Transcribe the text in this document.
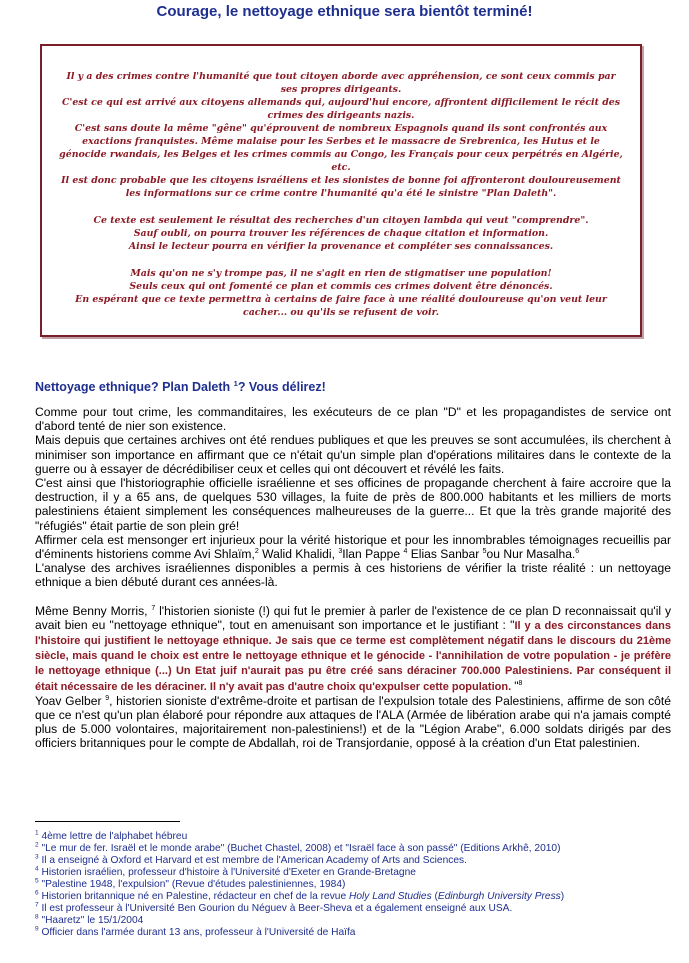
Courage, le nettoyage ethnique sera bientôt terminé!

Il y a des crimes contre l'humanité que tout citoyen aborde avec appréhension, ce sont ceux commis par ses propres dirigeants.
C'est ce qui est arrivé aux citoyens allemands qui, aujourd'hui encore, affrontent difficilement le récit des crimes des dirigeants nazis.
C'est sans doute la même "gêne" qu'éprouvent de nombreux Espagnols quand ils sont confrontés aux exactions franquistes. Même malaise pour les Serbes et le massacre de Srebrenica, les Hutus et le génocide rwandais, les Belges et les crimes commis au Congo, les Français pour ceux perpétrés en Algérie, etc.
Il est donc probable que les citoyens israéliens et les sionistes de bonne foi affronteront douloureusement les informations sur ce crime contre l'humanité qu'a été le sinistre "Plan Daleth".

Ce texte est seulement le résultat des recherches d'un citoyen lambda qui veut "comprendre".
Sauf oubli, on pourra trouver les références de chaque citation et information.
Ainsi le lecteur pourra en vérifier la provenance et compléter ses connaissances.

Mais qu'on ne s'y trompe pas, il ne s'agit en rien de stigmatiser une population!
Seuls ceux qui ont fomenté ce plan et commis ces crimes doivent être dénoncés.
En espérant que ce texte permettra à certains de faire face à une réalité douloureuse qu'on veut leur cacher... ou qu'ils se refusent de voir.

Nettoyage ethnique? Plan Daleth $^1$? Vous délirez!

Comme pour tout crime, les commanditaires, les exécuteurs de ce plan "D" et les propagandistes de service ont d'abord tenté de nier son existence.

Mais depuis que certaines archives ont été rendues publiques et que les preuves se sont accumulées, ils cherchent à minimiser son importance en affirmant que ce n'était qu'un simple plan d'opérations militaires dans le contexte de la guerre ou à essayer de décrédibiliser ceux et celles qui ont découvert et révélé les faits.

C'est ainsi que l'historiographie officielle israélienne et ses officines de propagande cherchent à faire accroire que la destruction, il y a 65 ans, de quelques 530 villages, la fuite de près de 800.000 habitants et les milliers de morts palestiniens étaient simplement les conséquences malheureuses de la guerre... Et que la très grande majorité des "réfugiés" était partie de son plein gré!

Affirmer cela est mensonger ert injurieux pour la vérité historique et pour les innombrables témoignages recueillis par d'éminents historiens comme Avi Shlaïm,$^2$ Walid Khalidi, $^3$Ilan Pappe $^4$ Elias Sanbar $^5$ou Nur Masalha.$^6$

L'analyse des archives israéliennes disponibles a permis à ces historiens de vérifier la triste réalité : un nettoyage ethnique a bien débuté durant ces années-là.

Même Benny Morris, $^7$ l'historien sioniste (!) qui fut le premier à parler de l'existence de ce plan D reconnaissait qu'il y avait bien eu "nettoyage ethnique", tout en amenuisant son importance et le justifiant : "Il y a des circonstances dans l'histoire qui justifient le nettoyage ethnique. Je sais que ce terme est complètement négatif dans le discours du 21ème siècle, mais quand le choix est entre le nettoyage ethnique et le génocide - l'annihilation de votre population - je préfère le nettoyage ethnique (...) Un Etat juif n'aurait pas pu être créé sans déraciner 700.000 Palestiniens. Par conséquent il était nécessaire de les déraciner. Il n'y avait pas d'autre choix qu'expulser cette population. "$^8$

Yoav Gelber $^9$, historien sioniste d'extrême-droite et partisan de l'expulsion totale des Palestiniens, affirme de son côté que ce n'est qu'un plan élaboré pour répondre aux attaques de l'ALA (Armée de libération arabe qui n'a jamais compté plus de 5.000 volontaires, majoritairement non-palestiniens!) et de la "Légion Arabe", 6.000 soldats dirigés par des officiers britanniques pour le compte de Abdallah, roi de Transjordanie, opposé à la création d'un Etat palestinien.

$^1$ 4ème lettre de l'alphabet hébreu
$^2$ "Le mur de fer. Israël et le monde arabe" (Buchet Chastel, 2008) et "Israël face à son passé" (Editions Arkhê, 2010)
$^3$ Il a enseigné à Oxford et Harvard et est membre de l'American Academy of Arts and Sciences.
$^4$ Historien israélien, professeur d'histoire à l'Université d'Exeter en Grande-Bretagne
$^5$ "Palestine 1948, l'expulsion" (Revue d'études palestiniennes, 1984)
$^6$ Historien britannique né en Palestine, rédacteur en chef de la revue Holy Land Studies (Edinburgh University Press)
$^7$ Il est professeur à l'Université Ben Gourion du Néguev à Beer-Sheva et a également enseigné aux USA.
$^8$ "Haaretz" le 15/1/2004
$^9$ Officier dans l'armée durant 13 ans, professeur à l'Université de Haïfa
